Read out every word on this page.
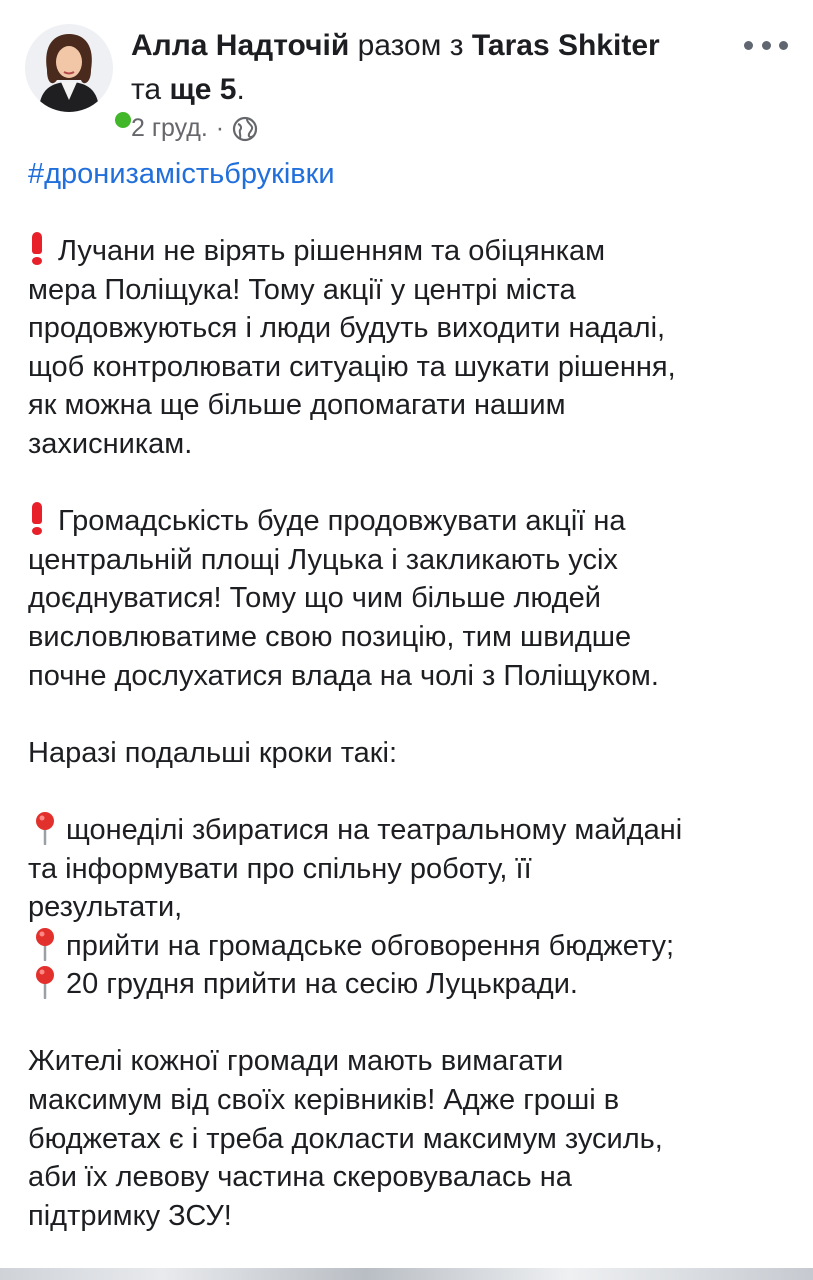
Алла Надточій разом з Taras Shkiter
та ще 5.
2 груд. ·
#дронизамістьбруківки
Лучани не вірять рішенням та обіцянкам
мера Поліщука! Тому акції у центрі міста
продовжуються і люди будуть виходити надалі,
щоб контролювати ситуацію та шукати рішення,
як можна ще більше допомагати нашим
захисникам.
Громадськість буде продовжувати акції на
центральній площі Луцька і закликають усіх
доєднуватися! Тому що чим більше людей
висловлюватиме свою позицію, тим швидше
почне дослухатися влада на чолі з Поліщуком.
Наразі подальші кроки такі:
щонеділі збиратися на театральному майдані
та інформувати про спільну роботу, її
результати,
прийти на громадське обговорення бюджету;
20 грудня прийти на сесію Луцькради.
Жителі кожної громади мають вимагати
максимум від своїх керівників! Адже гроші в
бюджетах є і треба докласти максимум зусиль,
аби їх левову частина скеровувалась на
підтримку ЗСУ!
